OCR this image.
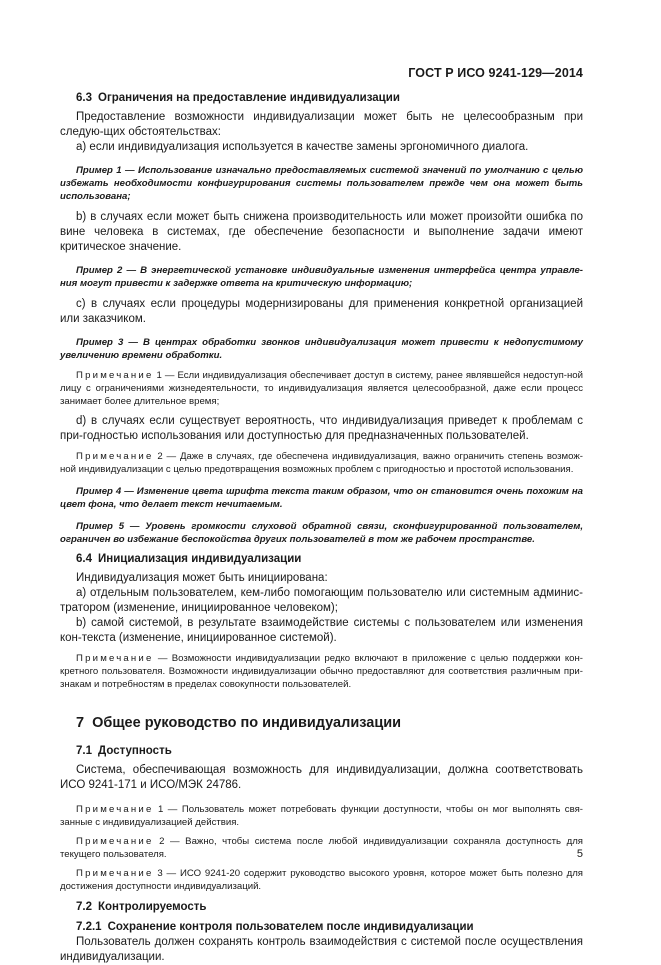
ГОСТ Р ИСО 9241-129—2014
6.3 Ограничения на предоставление индивидуализации

Предоставление возможности индивидуализации может быть не целесообразным при следую-щих обстоятельствах:

a) если индивидуализация используется в качестве замены эргономичного диалога.

Пример 1 — Использование изначально предоставляемых системой значений по умолчанию с целью избежать необходимости конфигурирования системы пользователем прежде чем она может быть использована;

b) в случаях если может быть снижена производительность или может произойти ошибка по вине человека в системах, где обеспечение безопасности и выполнение задачи имеют критическое значение.

Пример 2 — В энергетической установке индивидуальные изменения интерфейса центра управле-ния могут привести к задержке ответа на критическую информацию;

c) в случаях если процедуры модернизированы для применения конкретной организацией или заказчиком.

Пример 3 — В центрах обработки звонков индивидуализация может привести к недопустимому увеличению времени обработки.

Примечание 1 — Если индивидуализация обеспечивает доступ в систему, ранее являвшейся недоступ-ной лицу с ограничениями жизнедеятельности, то индивидуализация является целесообразной, даже если процесс занимает более длительное время;

d) в случаях если существует вероятность, что индивидуализация приведет к проблемам с при-годностью использования или доступностью для предназначенных пользователей.

Примечание 2 — Даже в случаях, где обеспечена индивидуализация, важно ограничить степень возмож-ной индивидуализации с целью предотвращения возможных проблем с пригодностью и простотой использования.

Пример 4 — Изменение цвета шрифта текста таким образом, что он становится очень похожим на цвет фона, что делает текст нечитаемым.

Пример 5 — Уровень громкости слуховой обратной связи, сконфигурированной пользователем, ограничен во избежание беспокойства других пользователей в том же рабочем пространстве.

6.4 Инициализация индивидуализации

Индивидуализация может быть инициирована:

a) отдельным пользователем, кем-либо помогающим пользователю или системным админис-тратором (изменение, инициированное человеком);

b) самой системой, в результате взаимодействие системы с пользователем или изменения кон-текста (изменение, инициированное системой).

Примечание — Возможности индивидуализации редко включают в приложение с целью поддержки кон-кретного пользователя. Возможности индивидуализации обычно предоставляют для соответствия различным при-знакам и потребностям в пределах совокупности пользователей.

7 Общее руководство по индивидуализации
7.1 Доступность

Система, обеспечивающая возможность для индивидуализации, должна соответствовать ИСО 9241-171 и ИСО/МЭК 24786.

Примечание 1 — Пользователь может потребовать функции доступности, чтобы он мог выполнять свя-занные с индивидуализацией действия.

Примечание 2 — Важно, чтобы система после любой индивидуализации сохраняла доступность для текущего пользователя.

Примечание 3 — ИСО 9241-20 содержит руководство высокого уровня, которое может быть полезно для достижения доступности индивидуализаций.

7.2 Контролируемость
7.2.1 Сохранение контроля пользователем после индивидуализации

Пользователь должен сохранять контроль взаимодействия с системой после осуществления индивидуализации.

5
